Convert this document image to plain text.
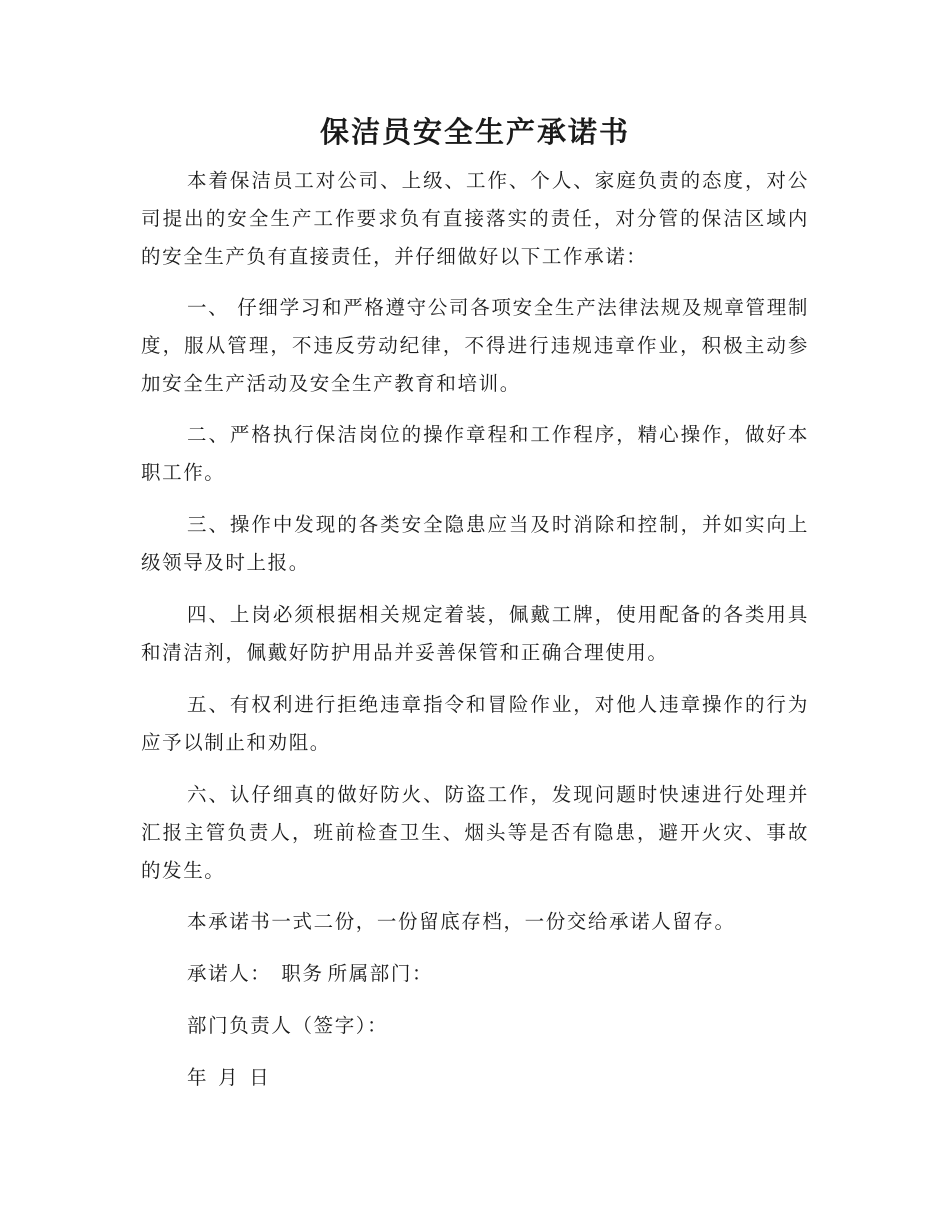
保洁员安全生产承诺书

本着保洁员工对公司、上级、工作、个人、家庭负责的态度，对公司提出的安全生产工作要求负有直接落实的责任，对分管的保洁区域内的安全生产负有直接责任，并仔细做好以下工作承诺：

一、 仔细学习和严格遵守公司各项安全生产法律法规及规章管理制度，服从管理，不违反劳动纪律，不得进行违规违章作业，积极主动参加安全生产活动及安全生产教育和培训。

二、严格执行保洁岗位的操作章程和工作程序，精心操作，做好本职工作。

三、操作中发现的各类安全隐患应当及时消除和控制，并如实向上级领导及时上报。

四、上岗必须根据相关规定着装，佩戴工牌，使用配备的各类用具和清洁剂，佩戴好防护用品并妥善保管和正确合理使用。

五、有权利进行拒绝违章指令和冒险作业，对他人违章操作的行为应予以制止和劝阻。

六、认仔细真的做好防火、防盗工作，发现问题时快速进行处理并汇报主管负责人，班前检查卫生、烟头等是否有隐患，避开火灾、事故的发生。

本承诺书一式二份，一份留底存档，一份交给承诺人留存。

承诺人： 职务 所属部门：

部门负责人（签字）：

年 月 日
